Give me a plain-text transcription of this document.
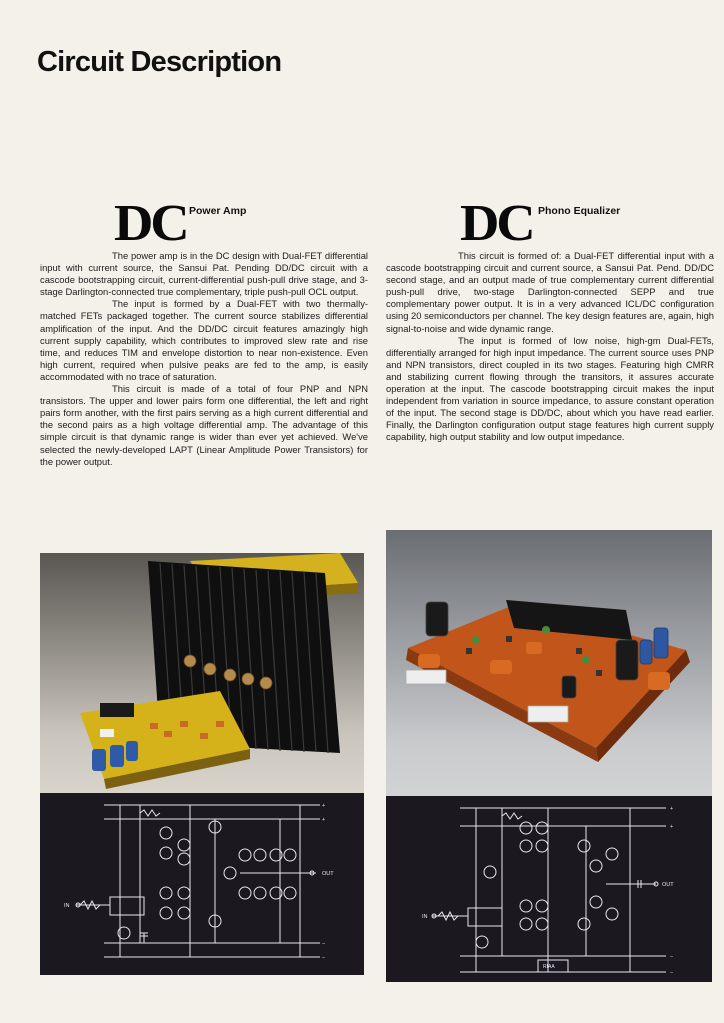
Circuit Description
DC Power Amp

The power amp is in the DC design with Dual-FET differential input with current source, the Sansui Pat. Pending DD/DC circuit with a cascode bootstrapping circuit, current-differential push-pull drive stage, and 3-stage Darlington-connected true complementary, triple push-pull OCL output.

The input is formed by a Dual-FET with two thermally-matched FETs packaged together. The current source stabilizes differential amplification of the input. And the DD/DC circuit features amazingly high current supply capability, which contributes to improved slew rate and rise time, and reduces TIM and envelope distortion to near non-existence. Even high current, required when pulsive peaks are fed to the amp, is easily accommodated with no trace of saturation.

This circuit is made of a total of four PNP and NPN transistors. The upper and lower pairs form one differential, the left and right pairs form another, with the first pairs serving as a high current differential and the second pairs as a high voltage differential amp. The advantage of this simple circuit is that dynamic range is wider than ever yet achieved. We've selected the newly-developed LAPT (Linear Amplitude Power Transistors) for the power output.

DC Phono Equalizer

This circuit is formed of: a Dual-FET differential input with a cascode bootstrapping circuit and current source, a Sansui Pat. Pend. DD/DC second stage, and an output made of true complementary current differential push-pull drive, two-stage Darlington-connected SEPP and true complementary power output. It is in a very advanced ICL/DC configuration using 20 semiconductors per channel. The key design features are, again, high signal-to-noise and wide dynamic range.

The input is formed of low noise, high-gm Dual-FETs, differentially arranged for high input impedance. The current source uses PNP and NPN transistors, direct coupled in its two stages. Featuring high CMRR and stabilizing current flowing through the transitors, it assures accurate operation at the input. The cascode bootstrapping circuit makes the input independent from variation in source impedance, to assure constant operation of the input. The second stage is DD/DC, about which you have read earlier. Finally, the Darlington configuration output stage features high current supply capability, high output stability and low output impedance.

IN
OUT
+
+
−
−
IN
OUT
RIAA
+
+
−
−
